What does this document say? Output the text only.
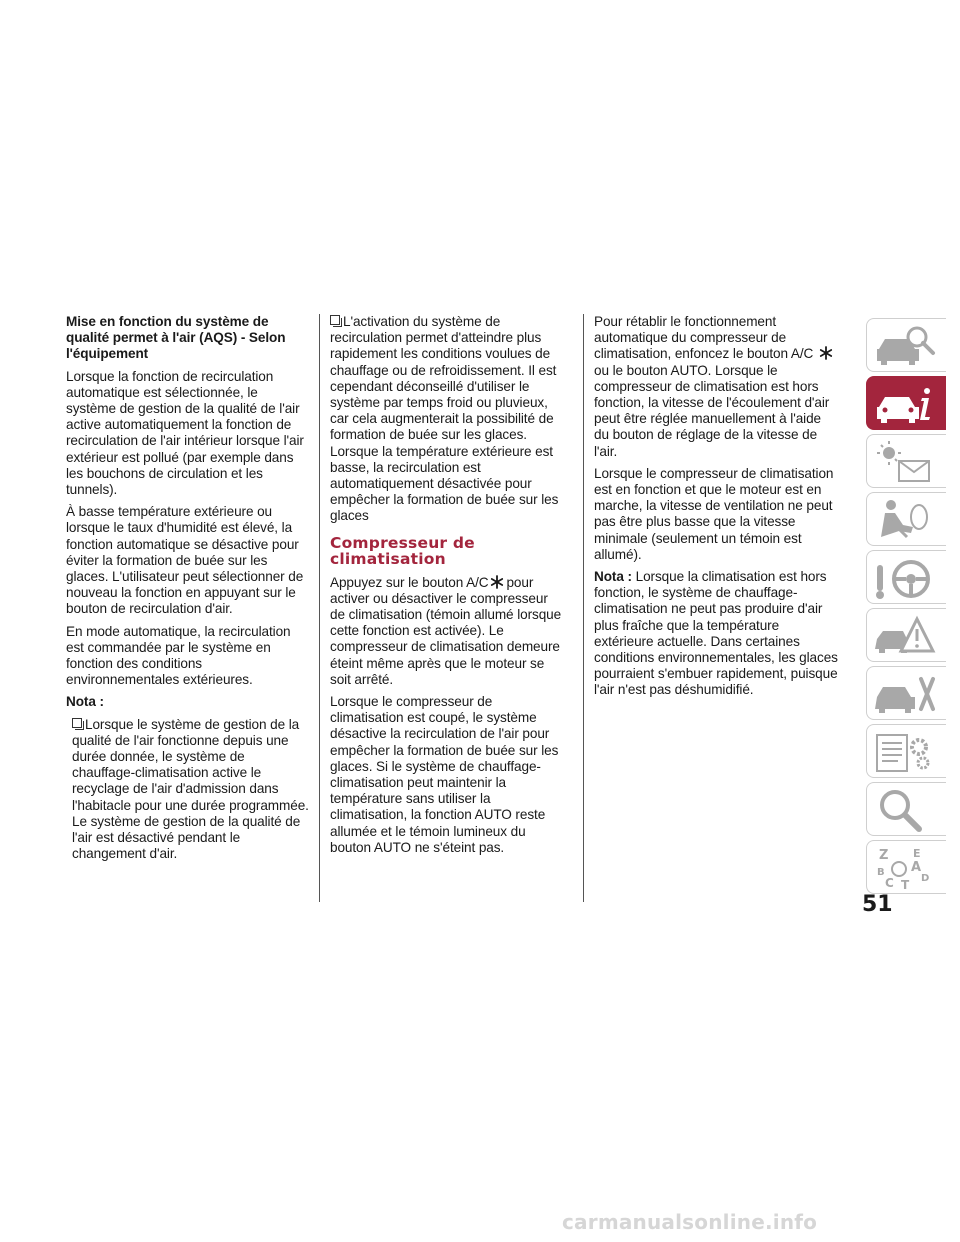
Mise en fonction du système de qualité permet à l'air (AQS) - Selon l'équipement

Lorsque la fonction de recirculation automatique est sélectionnée, le système de gestion de la qualité de l'air active automatiquement la fonction de recirculation de l'air intérieur lorsque l'air extérieur est pollué (par exemple dans les bouchons de circulation et les tunnels).

À basse température extérieure ou lorsque le taux d'humidité est élevé, la fonction automatique se désactive pour éviter la formation de buée sur les glaces. L'utilisateur peut sélectionner de nouveau la fonction en appuyant sur le bouton de recirculation d'air.

En mode automatique, la recirculation est commandée par le système en fonction des conditions environnementales extérieures.

Nota :

Lorsque le système de gestion de la qualité de l'air fonctionne depuis une durée donnée, le système de chauffage-climatisation active le recyclage de l'air d'admission dans l'habitacle pour une durée programmée. Le système de gestion de la qualité de l'air est désactivé pendant le changement d'air.

L'activation du système de recirculation permet d'atteindre plus rapidement les conditions voulues de chauffage ou de refroidissement. Il est cependant déconseillé d'utiliser le système par temps froid ou pluvieux, car cela augmenterait la possibilité de formation de buée sur les glaces. Lorsque la température extérieure est basse, la recirculation est automatiquement désactivée pour empêcher la formation de buée sur les glaces

Compresseur de climatisation

Appuyez sur le bouton A/C pour activer ou désactiver le compresseur de climatisation (témoin allumé lorsque cette fonction est activée). Le compresseur de climatisation demeure éteint même après que le moteur se soit arrêté.

Lorsque le compresseur de climatisation est coupé, le système désactive la recirculation de l'air pour empêcher la formation de buée sur les glaces. Si le système de chauffage-climatisation peut maintenir la température sans utiliser la climatisation, la fonction AUTO reste allumée et le témoin lumineux du bouton AUTO ne s'éteint pas.

Pour rétablir le fonctionnement automatique du compresseur de climatisation, enfoncez le bouton A/C ou le bouton AUTO. Lorsque le compresseur de climatisation est hors fonction, la vitesse de l'écoulement d'air peut être réglée manuellement à l'aide du bouton de réglage de la vitesse de l'air.

Lorsque le compresseur de climatisation est en fonction et que le moteur est en marche, la vitesse de ventilation ne peut pas être plus basse que la vitesse minimale (seulement un témoin est allumé).

Nota : Lorsque la climatisation est hors fonction, le système de chauffage-climatisation ne peut pas produire d'air plus fraîche que la température extérieure actuelle. Dans certaines conditions environnementales, les glaces pourraient s'embuer rapidement, puisque l'air n'est pas déshumidifié.

Z E
A
B
D
C T
51
carmanualsonline.info
